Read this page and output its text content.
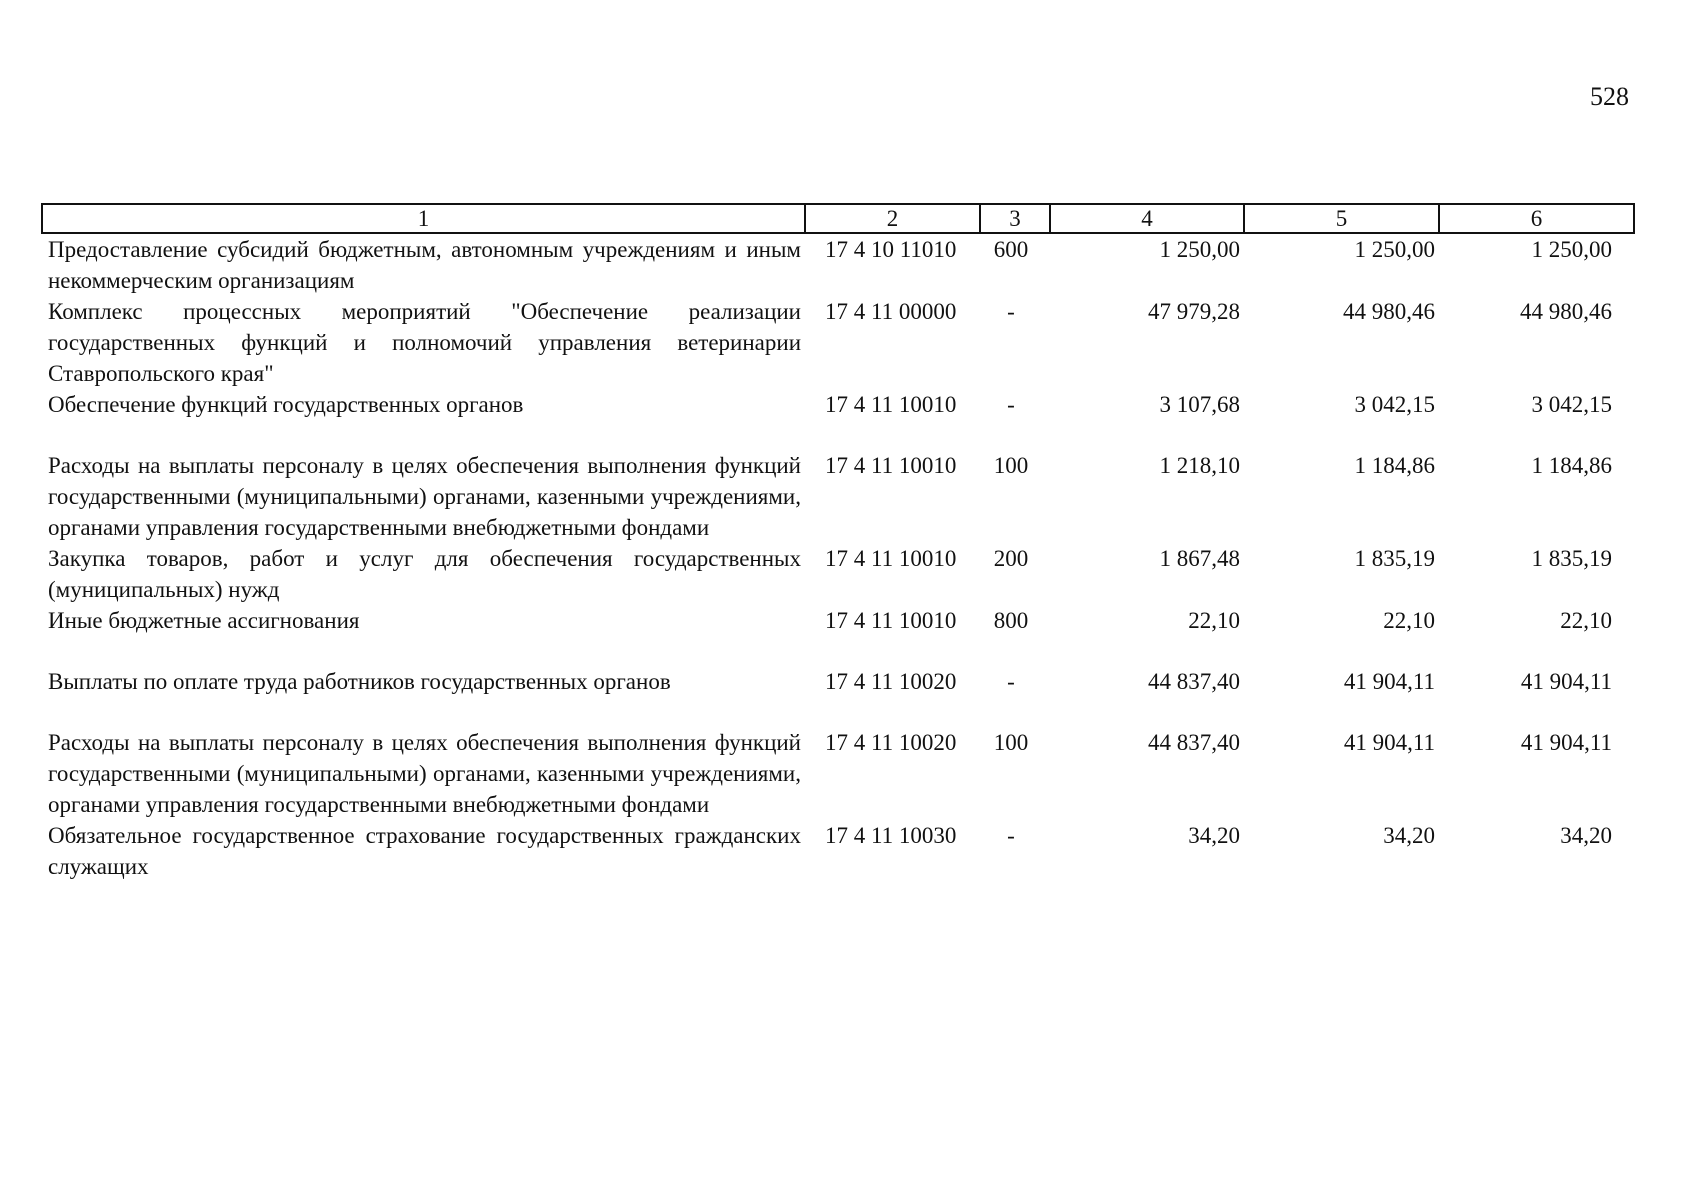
528
1	2	3	4	5	6
Предоставление субсидий бюджетным, автономным учреждениям и иным некоммерческим организациям	17 4 10 11010	600	1 250,00	1 250,00	1 250,00
Комплекс процессных мероприятий "Обеспечение реализации государственных функций и полномочий управления ветеринарии Ставропольского края"	17 4 11 00000	-	47 979,28	44 980,46	44 980,46
Обеспечение функций государственных органов	17 4 11 10010	-	3 107,68	3 042,15	3 042,15
Расходы на выплаты персоналу в целях обеспечения выполнения функций государственными (муниципальными) органами, казенными учреждениями, органами управления государственными внебюджетными фондами	17 4 11 10010	100	1 218,10	1 184,86	1 184,86
Закупка товаров, работ и услуг для обеспечения государственных (муниципальных) нужд	17 4 11 10010	200	1 867,48	1 835,19	1 835,19
Иные бюджетные ассигнования	17 4 11 10010	800	22,10	22,10	22,10
Выплаты по оплате труда работников государственных органов	17 4 11 10020	-	44 837,40	41 904,11	41 904,11
Расходы на выплаты персоналу в целях обеспечения выполнения функций государственными (муниципальными) органами, казенными учреждениями, органами управления государственными внебюджетными фондами	17 4 11 10020	100	44 837,40	41 904,11	41 904,11
Обязательное государственное страхование государственных гражданских служащих	17 4 11 10030	-	34,20	34,20	34,20
